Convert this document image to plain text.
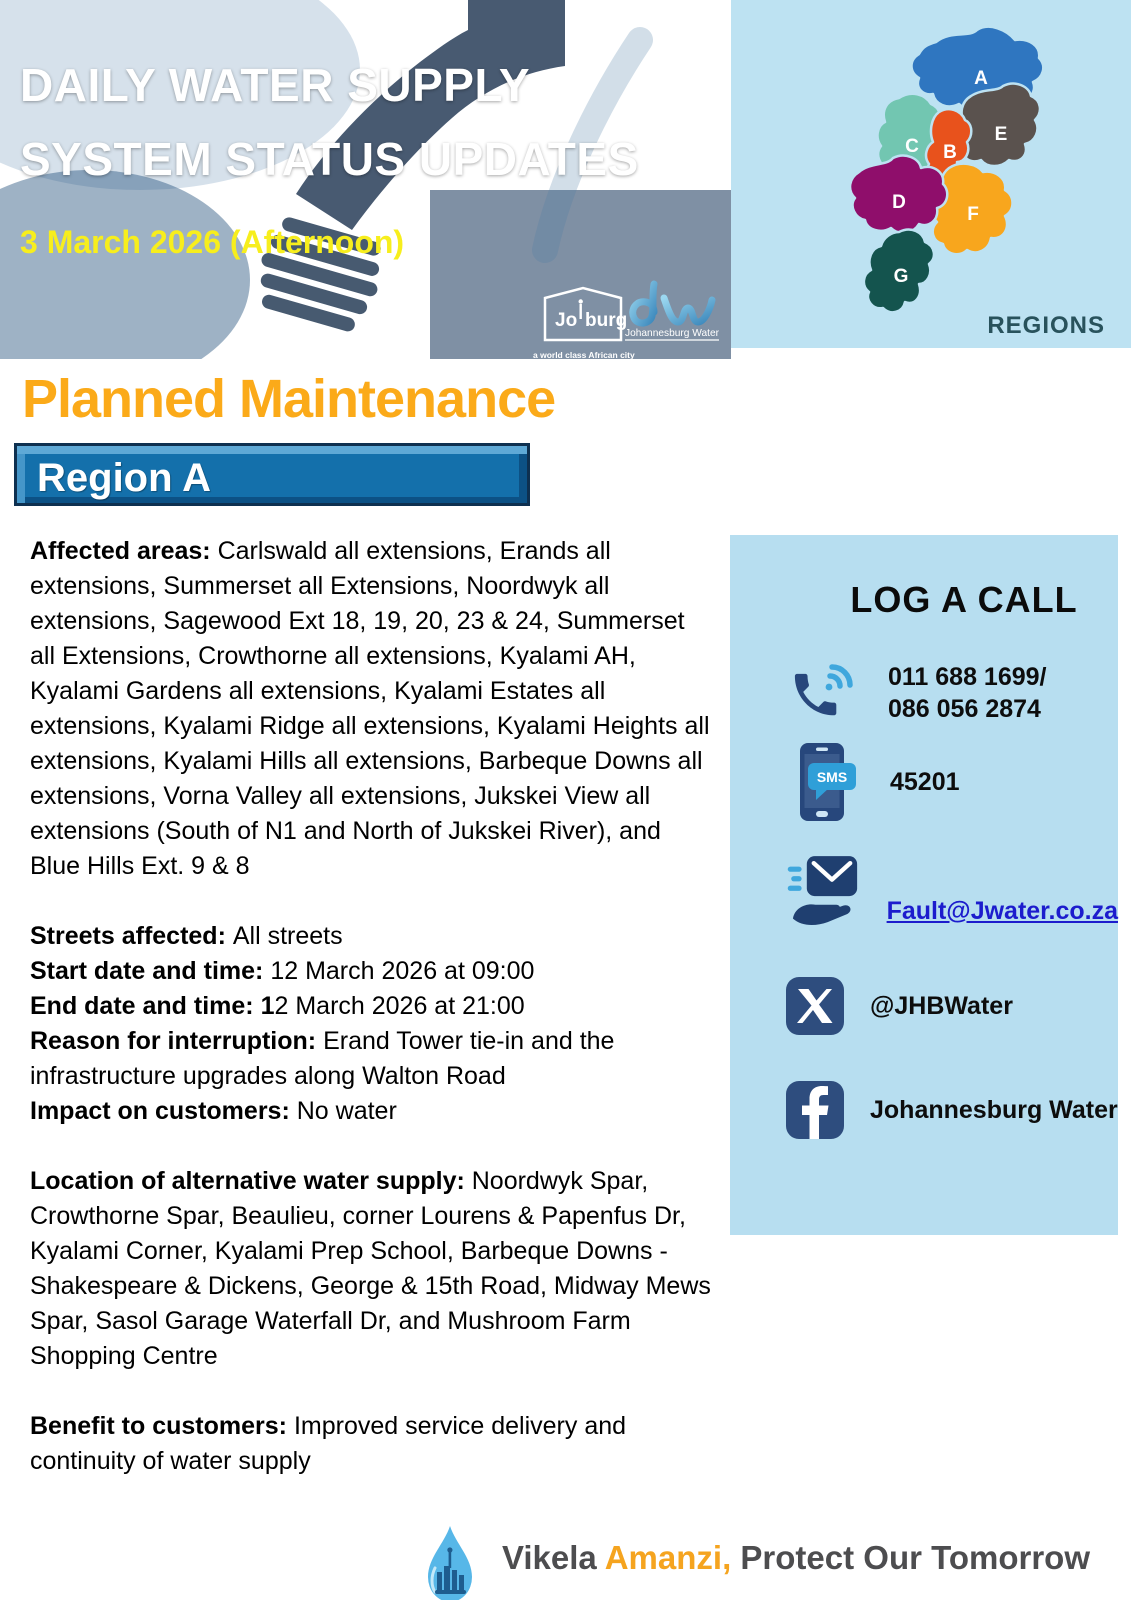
DAILY WATER SUPPLY
SYSTEM STATUS UPDATES
3 March 2026 (Afternoon)
Jo burg
a world class African city
Johannesburg Water
A
B
C
D
E
F
G
REGIONS
Planned Maintenance
Region A

Affected areas: Carlswald all extensions, Erands all extensions, Summerset all Extensions, Noordwyk all extensions, Sagewood Ext 18, 19, 20, 23 & 24, Summerset all Extensions, Crowthorne all extensions, Kyalami AH, Kyalami Gardens all extensions, Kyalami Estates all extensions, Kyalami Ridge all extensions, Kyalami Heights all extensions, Kyalami Hills all extensions, Barbeque Downs all extensions, Vorna Valley all extensions, Jukskei View all extensions (South of N1 and North of Jukskei River), and Blue Hills Ext. 9 & 8

Streets affected: All streets

Start date and time: 12 March 2026 at 09:00

End date and time: 12 March 2026 at 21:00

Reason for interruption: Erand Tower tie-in and the infrastructure upgrades along Walton Road

Impact on customers: No water

Location of alternative water supply: Noordwyk Spar, Crowthorne Spar, Beaulieu, corner Lourens & Papenfus Dr, Kyalami Corner, Kyalami Prep School, Barbeque Downs - Shakespeare & Dickens, George & 15th Road, Midway Mews Spar, Sasol Garage Waterfall Dr, and Mushroom Farm Shopping Centre

Benefit to customers: Improved service delivery and continuity of water supply

LOG A CALL
011 688 1699/
086 056 2874
SMS 45201
Fault@Jwater.co.za
@JHBWater
Johannesburg Water
Vikela Amanzi, Protect Our Tomorrow
